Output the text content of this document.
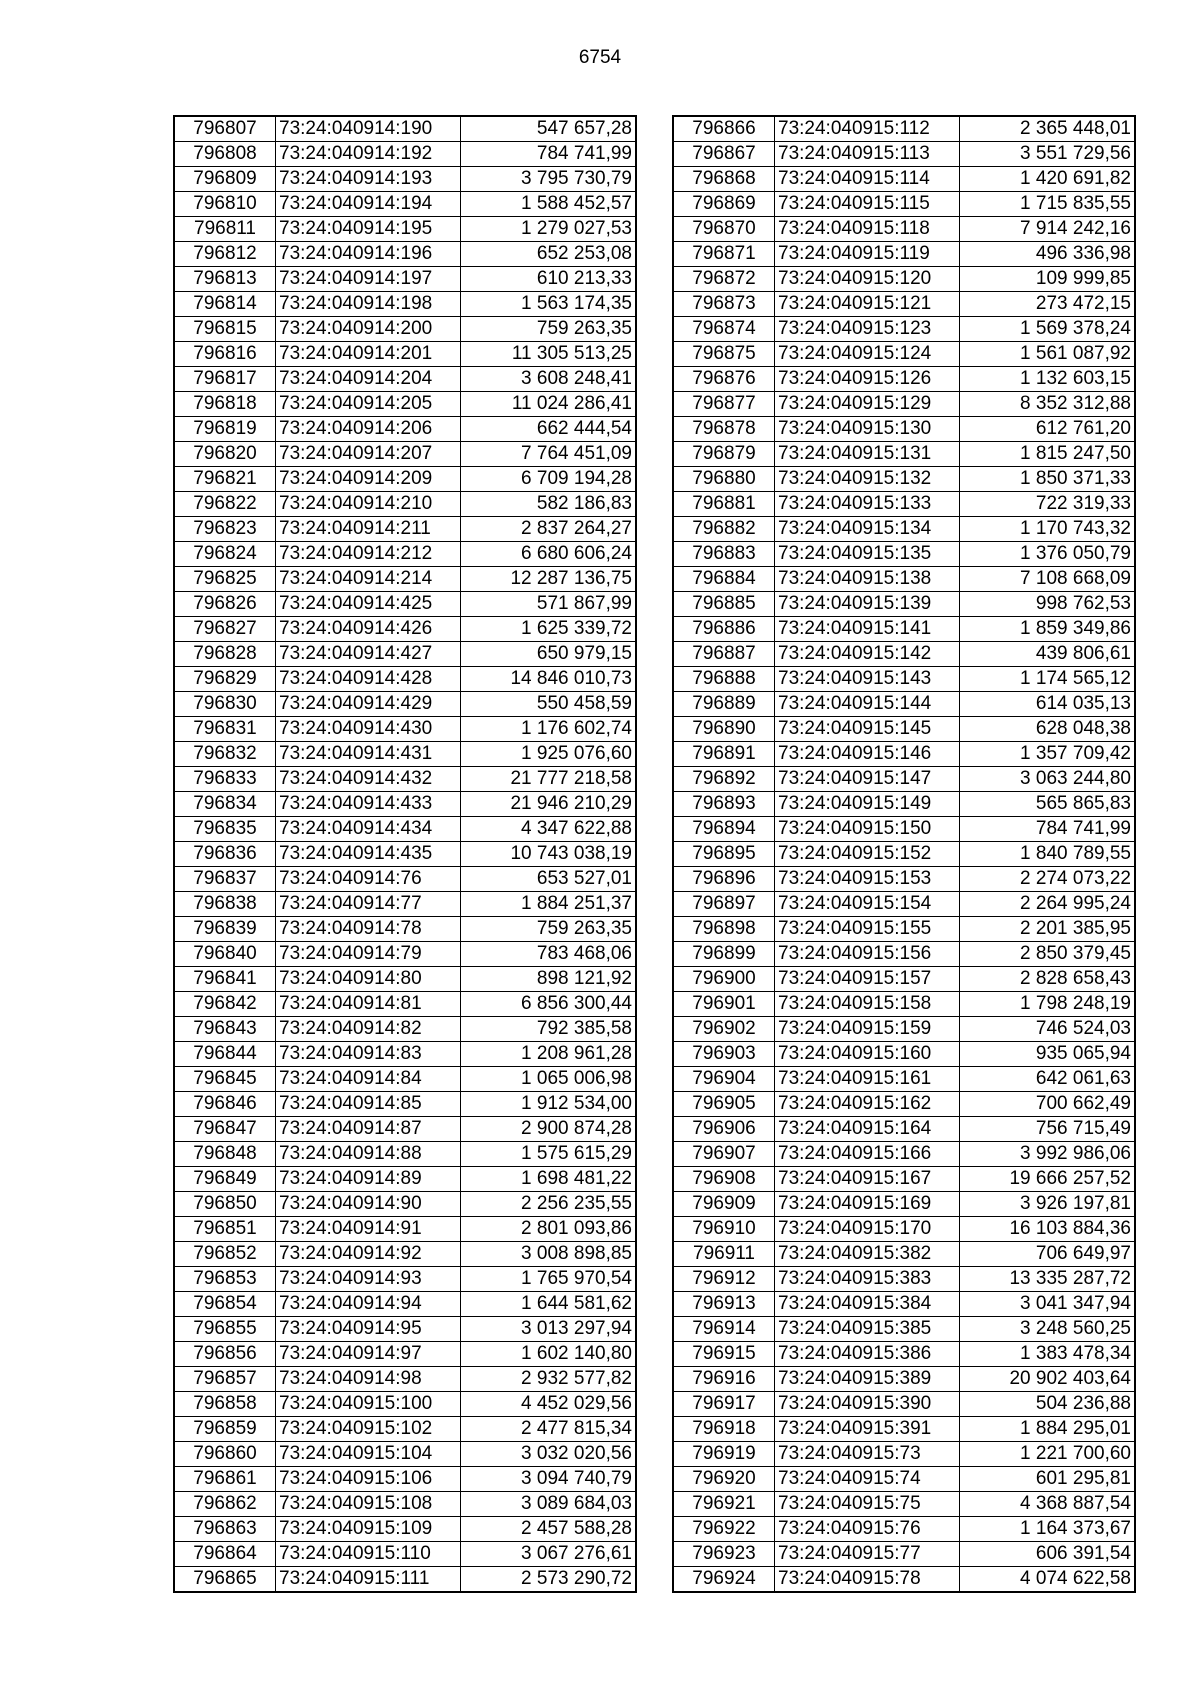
6754
796807	73:24:040914:190	547 657,28
796808	73:24:040914:192	784 741,99
796809	73:24:040914:193	3 795 730,79
796810	73:24:040914:194	1 588 452,57
796811	73:24:040914:195	1 279 027,53
796812	73:24:040914:196	652 253,08
796813	73:24:040914:197	610 213,33
796814	73:24:040914:198	1 563 174,35
796815	73:24:040914:200	759 263,35
796816	73:24:040914:201	11 305 513,25
796817	73:24:040914:204	3 608 248,41
796818	73:24:040914:205	11 024 286,41
796819	73:24:040914:206	662 444,54
796820	73:24:040914:207	7 764 451,09
796821	73:24:040914:209	6 709 194,28
796822	73:24:040914:210	582 186,83
796823	73:24:040914:211	2 837 264,27
796824	73:24:040914:212	6 680 606,24
796825	73:24:040914:214	12 287 136,75
796826	73:24:040914:425	571 867,99
796827	73:24:040914:426	1 625 339,72
796828	73:24:040914:427	650 979,15
796829	73:24:040914:428	14 846 010,73
796830	73:24:040914:429	550 458,59
796831	73:24:040914:430	1 176 602,74
796832	73:24:040914:431	1 925 076,60
796833	73:24:040914:432	21 777 218,58
796834	73:24:040914:433	21 946 210,29
796835	73:24:040914:434	4 347 622,88
796836	73:24:040914:435	10 743 038,19
796837	73:24:040914:76	653 527,01
796838	73:24:040914:77	1 884 251,37
796839	73:24:040914:78	759 263,35
796840	73:24:040914:79	783 468,06
796841	73:24:040914:80	898 121,92
796842	73:24:040914:81	6 856 300,44
796843	73:24:040914:82	792 385,58
796844	73:24:040914:83	1 208 961,28
796845	73:24:040914:84	1 065 006,98
796846	73:24:040914:85	1 912 534,00
796847	73:24:040914:87	2 900 874,28
796848	73:24:040914:88	1 575 615,29
796849	73:24:040914:89	1 698 481,22
796850	73:24:040914:90	2 256 235,55
796851	73:24:040914:91	2 801 093,86
796852	73:24:040914:92	3 008 898,85
796853	73:24:040914:93	1 765 970,54
796854	73:24:040914:94	1 644 581,62
796855	73:24:040914:95	3 013 297,94
796856	73:24:040914:97	1 602 140,80
796857	73:24:040914:98	2 932 577,82
796858	73:24:040915:100	4 452 029,56
796859	73:24:040915:102	2 477 815,34
796860	73:24:040915:104	3 032 020,56
796861	73:24:040915:106	3 094 740,79
796862	73:24:040915:108	3 089 684,03
796863	73:24:040915:109	2 457 588,28
796864	73:24:040915:110	3 067 276,61
796865	73:24:040915:111	2 573 290,72
796866	73:24:040915:112	2 365 448,01
796867	73:24:040915:113	3 551 729,56
796868	73:24:040915:114	1 420 691,82
796869	73:24:040915:115	1 715 835,55
796870	73:24:040915:118	7 914 242,16
796871	73:24:040915:119	496 336,98
796872	73:24:040915:120	109 999,85
796873	73:24:040915:121	273 472,15
796874	73:24:040915:123	1 569 378,24
796875	73:24:040915:124	1 561 087,92
796876	73:24:040915:126	1 132 603,15
796877	73:24:040915:129	8 352 312,88
796878	73:24:040915:130	612 761,20
796879	73:24:040915:131	1 815 247,50
796880	73:24:040915:132	1 850 371,33
796881	73:24:040915:133	722 319,33
796882	73:24:040915:134	1 170 743,32
796883	73:24:040915:135	1 376 050,79
796884	73:24:040915:138	7 108 668,09
796885	73:24:040915:139	998 762,53
796886	73:24:040915:141	1 859 349,86
796887	73:24:040915:142	439 806,61
796888	73:24:040915:143	1 174 565,12
796889	73:24:040915:144	614 035,13
796890	73:24:040915:145	628 048,38
796891	73:24:040915:146	1 357 709,42
796892	73:24:040915:147	3 063 244,80
796893	73:24:040915:149	565 865,83
796894	73:24:040915:150	784 741,99
796895	73:24:040915:152	1 840 789,55
796896	73:24:040915:153	2 274 073,22
796897	73:24:040915:154	2 264 995,24
796898	73:24:040915:155	2 201 385,95
796899	73:24:040915:156	2 850 379,45
796900	73:24:040915:157	2 828 658,43
796901	73:24:040915:158	1 798 248,19
796902	73:24:040915:159	746 524,03
796903	73:24:040915:160	935 065,94
796904	73:24:040915:161	642 061,63
796905	73:24:040915:162	700 662,49
796906	73:24:040915:164	756 715,49
796907	73:24:040915:166	3 992 986,06
796908	73:24:040915:167	19 666 257,52
796909	73:24:040915:169	3 926 197,81
796910	73:24:040915:170	16 103 884,36
796911	73:24:040915:382	706 649,97
796912	73:24:040915:383	13 335 287,72
796913	73:24:040915:384	3 041 347,94
796914	73:24:040915:385	3 248 560,25
796915	73:24:040915:386	1 383 478,34
796916	73:24:040915:389	20 902 403,64
796917	73:24:040915:390	504 236,88
796918	73:24:040915:391	1 884 295,01
796919	73:24:040915:73	1 221 700,60
796920	73:24:040915:74	601 295,81
796921	73:24:040915:75	4 368 887,54
796922	73:24:040915:76	1 164 373,67
796923	73:24:040915:77	606 391,54
796924	73:24:040915:78	4 074 622,58
